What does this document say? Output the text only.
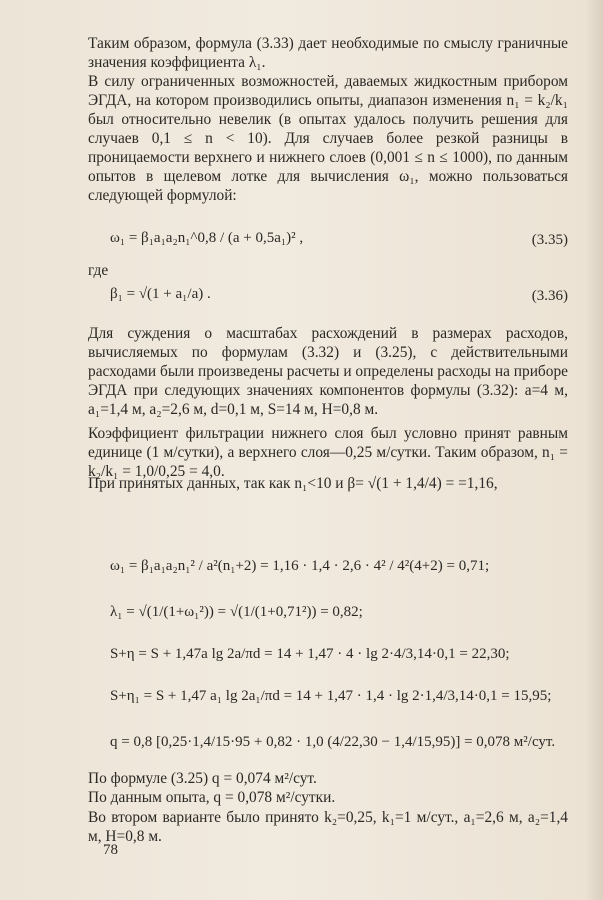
Таким образом, формула (3.33) дает необходимые по смыслу граничные значения коэффициента λ₁.
В силу ограниченных возможностей, даваемых жидкостным прибором ЭГДА, на котором производились опыты, диапазон изменения n₁ = k₂/k₁ был относительно невелик (в опытах удалось получить решения для случаев 0,1 ≤ n < 10). Для случаев более резкой разницы в проницаемости верхнего и нижнего слоев (0,001 ≤ n ≤ 1000), по данным опытов в щелевом лотке для вычисления ω₁, можно пользоваться следующей формулой:
ω₁ = β₁a₁a₂n₁^0,8 / (a + 0,5a₁)² ,	(3.35)
где
β₁ = √(1 + a₁/a) .	(3.36)
Для суждения о масштабах расхождений в размерах расходов, вычисляемых по формулам (3.32) и (3.25), с действительными расходами были произведены расчеты и определены расходы на приборе ЭГДА при следующих значениях компонентов формулы (3.32): a=4 м, a₁=1,4 м, a₂=2,6 м, d=0,1 м, S=14 м, H=0,8 м.
Коэффициент фильтрации нижнего слоя был условно принят равным единице (1 м/сутки), а верхнего слоя—0,25 м/сутки. Таким образом, n₁ = k₂/k₁ = 1,0/0,25 = 4,0.
При принятых данных, так как n₁<10 и β= √(1 + 1,4/4) = =1,16,
ω₁ = β₁a₁a₂n₁² / a²(n₁+2) = 1,16 · 1,4 · 2,6 · 4² / 4²(4+2) = 0,71;
λ₁ = √(1/(1+ω₁²)) = √(1/(1+0,71²)) = 0,82;
S+η = S + 1,47a lg 2a/πd = 14 + 1,47 · 4 · lg 2·4/3,14·0,1 = 22,30;
S+η₁ = S + 1,47 a₁ lg 2a₁/πd = 14 + 1,47 · 1,4 · lg 2·1,4/3,14·0,1 = 15,95;
q = 0,8 [0,25·1,4/15·95 + 0,82 · 1,0 (4/22,30 − 1,4/15,95)] = 0,078 м²/сут.
По формуле (3.25) q = 0,074 м²/сут.
По данным опыта, q = 0,078 м²/сутки.
Во втором варианте было принято k₂=0,25, k₁=1 м/сут., a₁=2,6 м, a₂=1,4 м, H=0,8 м.
78
